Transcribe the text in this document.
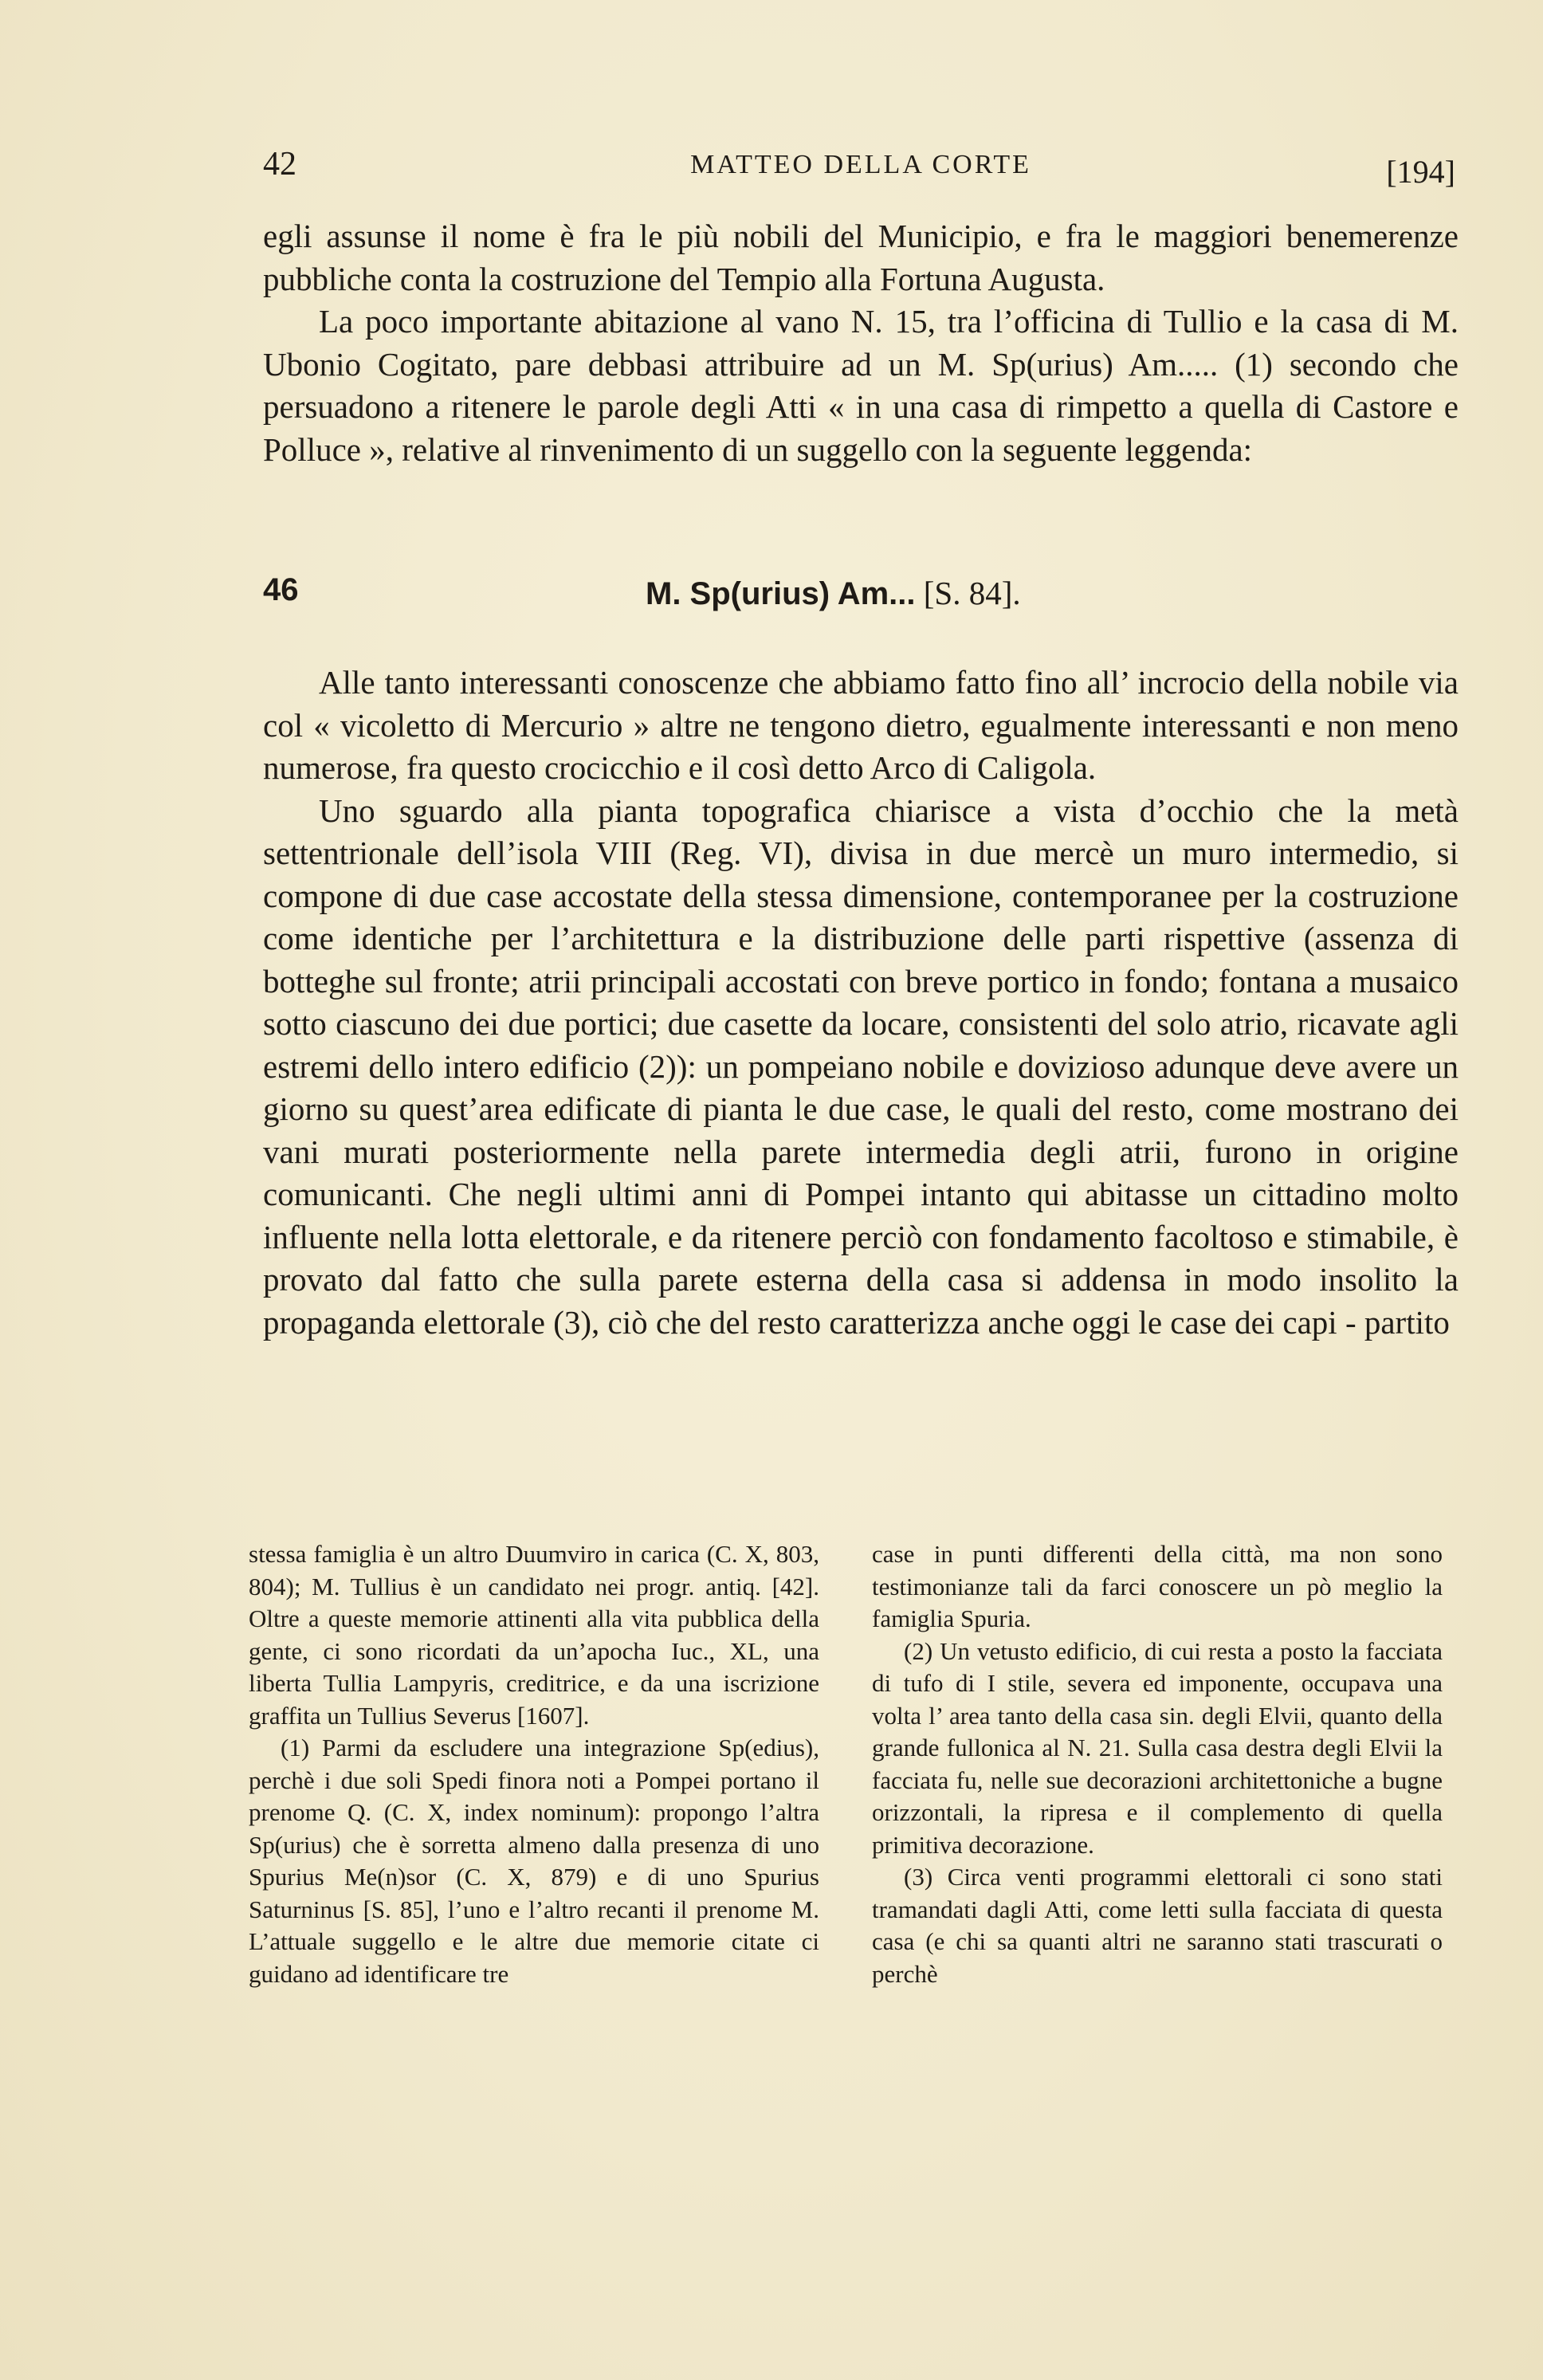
42	MATTEO DELLA CORTE	[194]

egli assunse il nome è fra le più nobili del Municipio, e fra le maggiori benemerenze pubbliche conta la costruzione del Tempio alla Fortuna Augusta.

La poco importante abitazione al vano N. 15, tra l’officina di Tullio e la casa di M. Ubonio Cogitato, pare debbasi attribuire ad un M. Sp(urius) Am..... (1) secondo che persuadono a ritenere le parole degli Atti « in una casa di rimpetto a quella di Castore e Polluce », relative al rinvenimento di un suggello con la seguente leggenda:

46	M. Sp(urius) Am... [S. 84].

Alle tanto interessanti conoscenze che abbiamo fatto fino all’ incrocio della nobile via col « vicoletto di Mercurio » altre ne tengono dietro, egualmente interessanti e non meno numerose, fra questo crocicchio e il così detto Arco di Caligola.

Uno sguardo alla pianta topografica chiarisce a vista d’occhio che la metà settentrionale dell’isola VIII (Reg. VI), divisa in due mercè un muro intermedio, si compone di due case accostate della stessa dimensione, contemporanee per la costruzione come identiche per l’architettura e la distribuzione delle parti rispettive (assenza di botteghe sul fronte; atrii principali accostati con breve portico in fondo; fontana a musaico sotto ciascuno dei due portici; due casette da locare, consistenti del solo atrio, ricavate agli estremi dello intero edificio (2)): un pompeiano nobile e dovizioso adunque deve avere un giorno su quest’area edificate di pianta le due case, le quali del resto, come mostrano dei vani murati posteriormente nella parete intermedia degli atrii, furono in origine comunicanti. Che negli ultimi anni di Pompei intanto qui abitasse un cittadino molto influente nella lotta elettorale, e da ritenere perciò con fondamento facoltoso e stimabile, è provato dal fatto che sulla parete esterna della casa si addensa in modo insolito la propaganda elettorale (3), ciò che del resto caratterizza anche oggi le case dei capi - partito

stessa famiglia è un altro Duumviro in carica (C. X, 803, 804); M. Tullius è un candidato nei progr. antiq. [42]. Oltre a queste memorie attinenti alla vita pubblica della gente, ci sono ricordati da un’apocha Iuc., XL, una liberta Tullia Lampyris, creditrice, e da una iscrizione graffita un Tullius Severus [1607].

(1) Parmi da escludere una integrazione Sp(edius), perchè i due soli Spedi finora noti a Pompei portano il prenome Q. (C. X, index nominum): propongo l’altra Sp(urius) che è sorretta almeno dalla presenza di uno Spurius Me(n)sor (C. X, 879) e di uno Spurius Saturninus [S. 85], l’uno e l’altro recanti il prenome M. L’attuale suggello e le altre due memorie citate ci guidano ad identificare tre

case in punti differenti della città, ma non sono testimonianze tali da farci conoscere un pò meglio la famiglia Spuria.

(2) Un vetusto edificio, di cui resta a posto la facciata di tufo di I stile, severa ed imponente, occupava una volta l’ area tanto della casa sin. degli Elvii, quanto della grande fullonica al N. 21. Sulla casa destra degli Elvii la facciata fu, nelle sue decorazioni architettoniche a bugne orizzontali, la ripresa e il complemento di quella primitiva decorazione.

(3) Circa venti programmi elettorali ci sono stati tramandati dagli Atti, come letti sulla facciata di questa casa (e chi sa quanti altri ne saranno stati trascurati o perchè
